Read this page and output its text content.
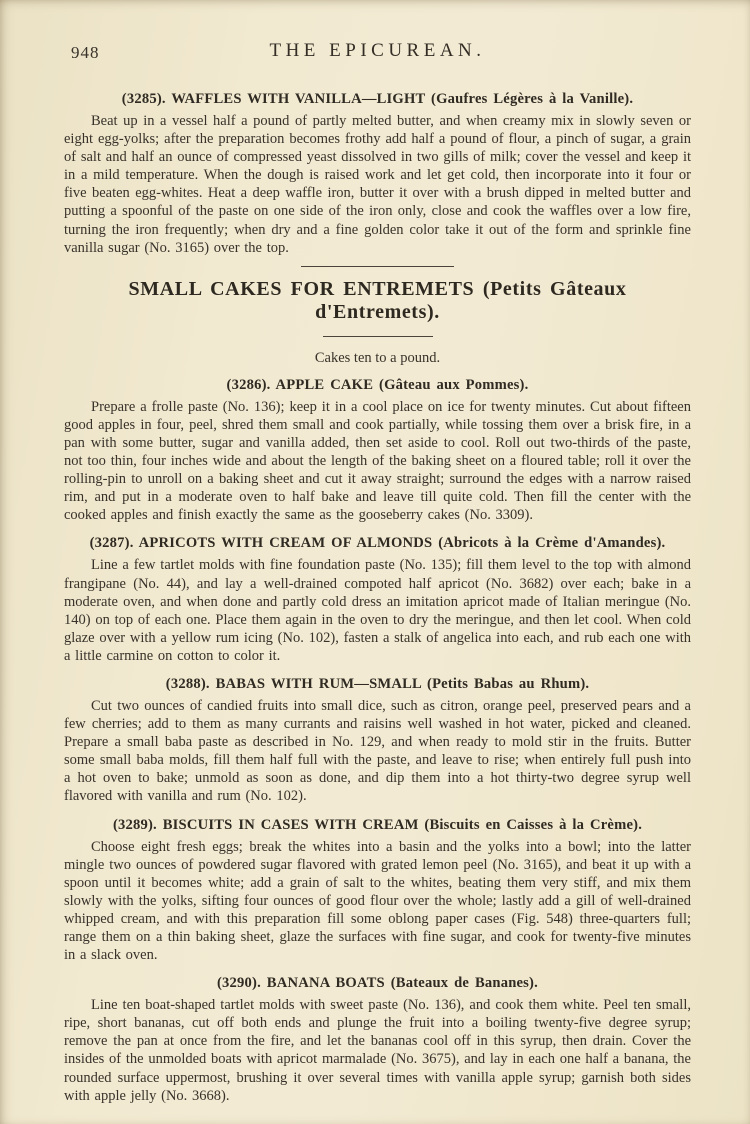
948	THE EPICUREAN.
(3285). WAFFLES WITH VANILLA—LIGHT (Gaufres Légères à la Vanille).

Beat up in a vessel half a pound of partly melted butter, and when creamy mix in slowly seven or eight egg-yolks; after the preparation becomes frothy add half a pound of flour, a pinch of sugar, a grain of salt and half an ounce of compressed yeast dissolved in two gills of milk; cover the vessel and keep it in a mild temperature. When the dough is raised work and let get cold, then incorporate into it four or five beaten egg-whites. Heat a deep waffle iron, butter it over with a brush dipped in melted butter and putting a spoonful of the paste on one side of the iron only, close and cook the waffles over a low fire, turning the iron frequently; when dry and a fine golden color take it out of the form and sprinkle fine vanilla sugar (No. 3165) over the top.

SMALL CAKES FOR ENTREMETS (Petits Gâteaux d'Entremets).

Cakes ten to a pound.

(3286). APPLE CAKE (Gâteau aux Pommes).

Prepare a frolle paste (No. 136); keep it in a cool place on ice for twenty minutes. Cut about fifteen good apples in four, peel, shred them small and cook partially, while tossing them over a brisk fire, in a pan with some butter, sugar and vanilla added, then set aside to cool. Roll out two-thirds of the paste, not too thin, four inches wide and about the length of the baking sheet on a floured table; roll it over the rolling-pin to unroll on a baking sheet and cut it away straight; surround the edges with a narrow raised rim, and put in a moderate oven to half bake and leave till quite cold. Then fill the center with the cooked apples and finish exactly the same as the gooseberry cakes (No. 3309).

(3287). APRICOTS WITH CREAM OF ALMONDS (Abricots à la Crème d'Amandes).

Line a few tartlet molds with fine foundation paste (No. 135); fill them level to the top with almond frangipane (No. 44), and lay a well-drained compoted half apricot (No. 3682) over each; bake in a moderate oven, and when done and partly cold dress an imitation apricot made of Italian meringue (No. 140) on top of each one. Place them again in the oven to dry the meringue, and then let cool. When cold glaze over with a yellow rum icing (No. 102), fasten a stalk of angelica into each, and rub each one with a little carmine on cotton to color it.

(3288). BABAS WITH RUM—SMALL (Petits Babas au Rhum).

Cut two ounces of candied fruits into small dice, such as citron, orange peel, preserved pears and a few cherries; add to them as many currants and raisins well washed in hot water, picked and cleaned. Prepare a small baba paste as described in No. 129, and when ready to mold stir in the fruits. Butter some small baba molds, fill them half full with the paste, and leave to rise; when entirely full push into a hot oven to bake; unmold as soon as done, and dip them into a hot thirty-two degree syrup well flavored with vanilla and rum (No. 102).

(3289). BISCUITS IN CASES WITH CREAM (Biscuits en Caisses à la Crème).

Choose eight fresh eggs; break the whites into a basin and the yolks into a bowl; into the latter mingle two ounces of powdered sugar flavored with grated lemon peel (No. 3165), and beat it up with a spoon until it becomes white; add a grain of salt to the whites, beating them very stiff, and mix them slowly with the yolks, sifting four ounces of good flour over the whole; lastly add a gill of well-drained whipped cream, and with this preparation fill some oblong paper cases (Fig. 548) three-quarters full; range them on a thin baking sheet, glaze the surfaces with fine sugar, and cook for twenty-five minutes in a slack oven.

(3290). BANANA BOATS (Bateaux de Bananes).

Line ten boat-shaped tartlet molds with sweet paste (No. 136), and cook them white. Peel ten small, ripe, short bananas, cut off both ends and plunge the fruit into a boiling twenty-five degree syrup; remove the pan at once from the fire, and let the bananas cool off in this syrup, then drain. Cover the insides of the unmolded boats with apricot marmalade (No. 3675), and lay in each one half a banana, the rounded surface uppermost, brushing it over several times with vanilla apple syrup; garnish both sides with apple jelly (No. 3668).
